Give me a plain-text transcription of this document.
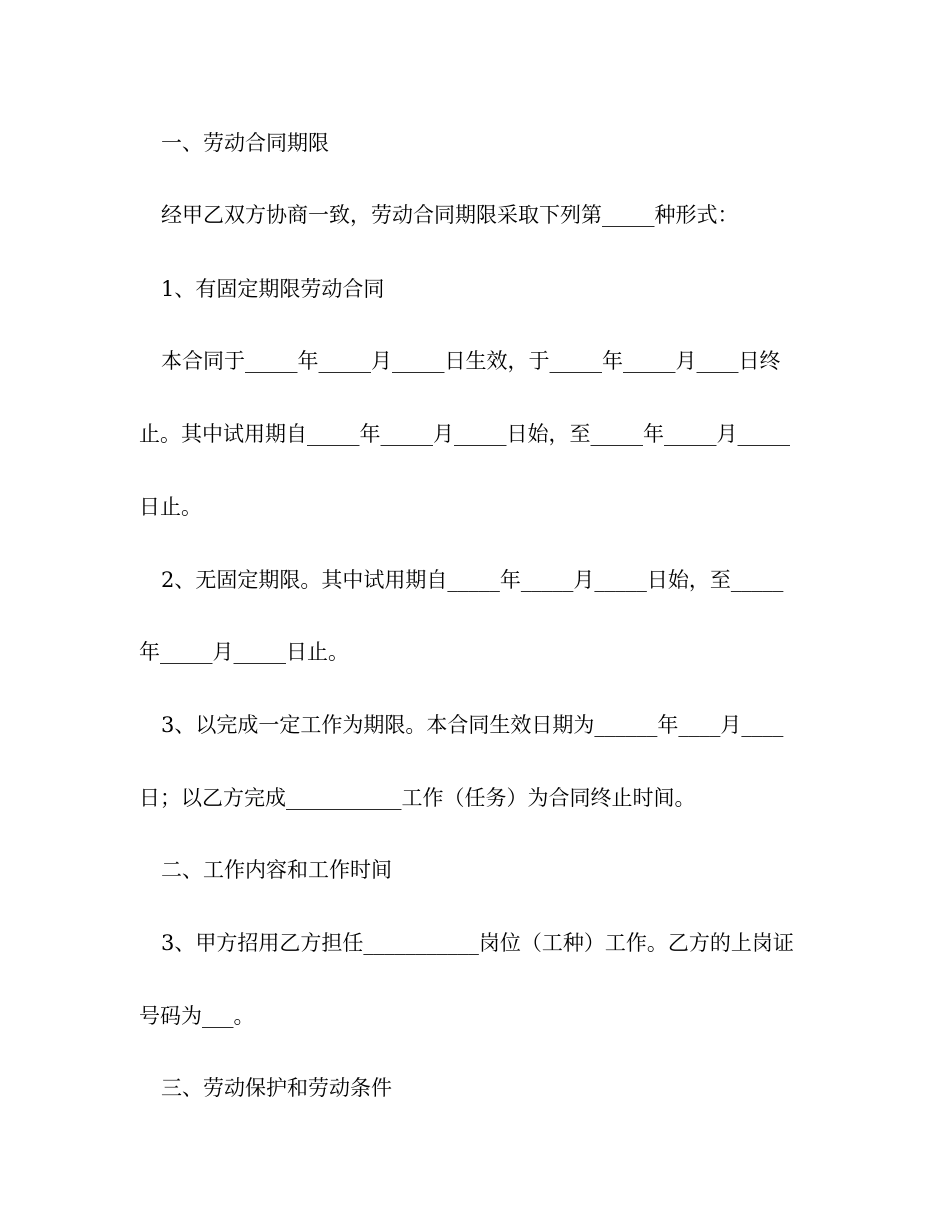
一、劳动合同期限
经甲乙双方协商一致，劳动合同期限采取下列第_____种形式：
1、有固定期限劳动合同
本合同于_____年_____月_____日生效，于_____年_____月____日终
止。其中试用期自_____年_____月_____日始，至_____年_____月_____
日止。
2、无固定期限。其中试用期自_____年_____月_____日始，至_____
年_____月_____日止。
3、以完成一定工作为期限。本合同生效日期为______年____月____
日；以乙方完成___________工作（任务）为合同终止时间。
二、工作内容和工作时间
3、甲方招用乙方担任___________岗位（工种）工作。乙方的上岗证
号码为___。
三、劳动保护和劳动条件
